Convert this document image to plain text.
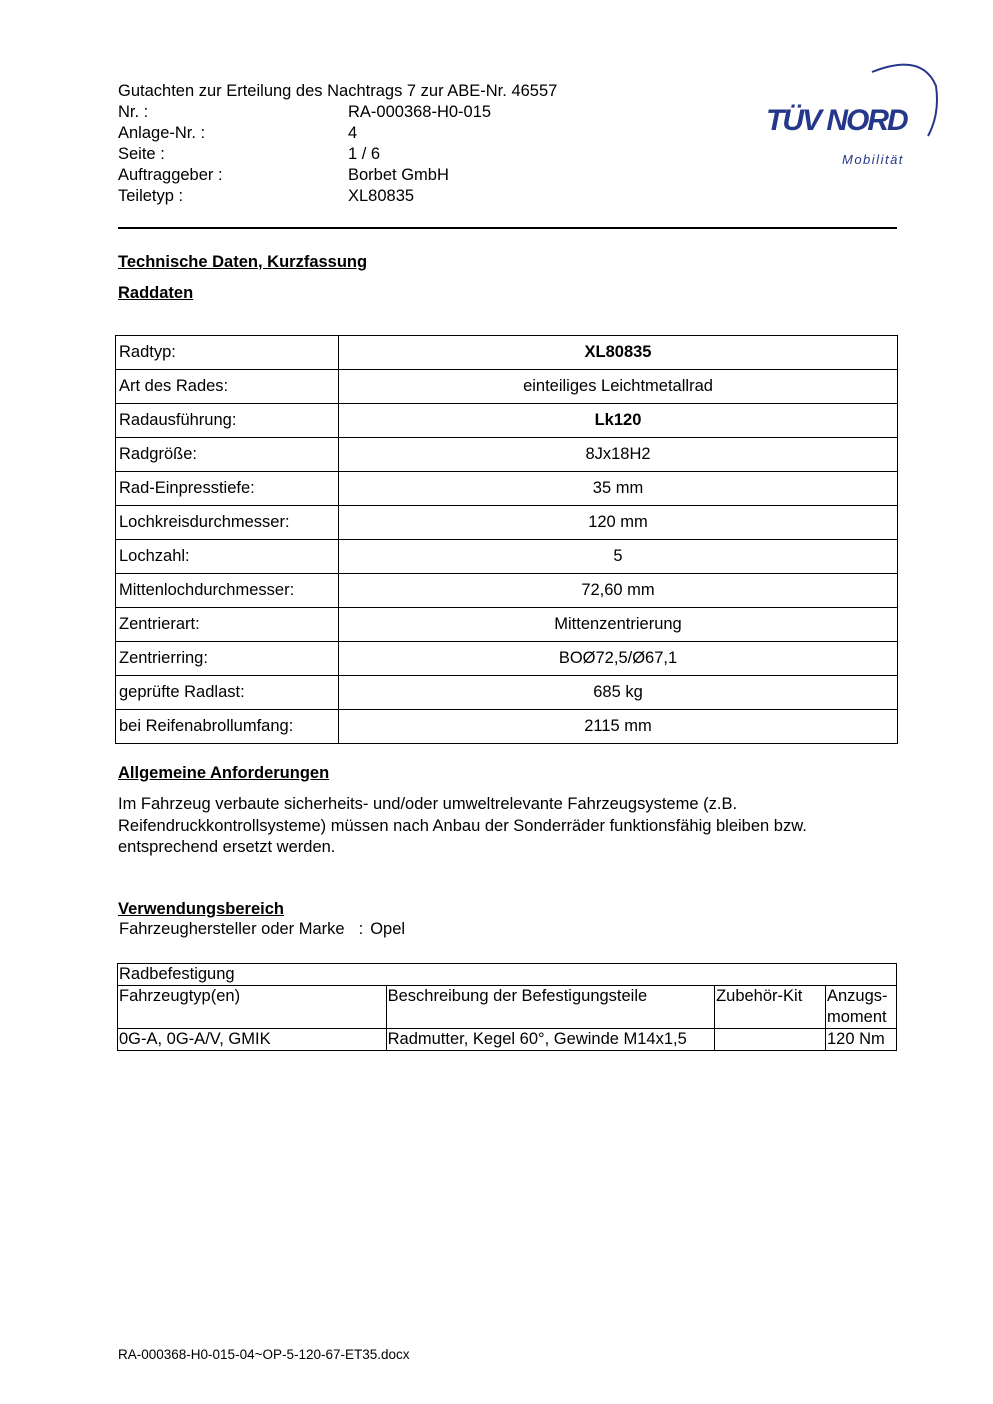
Gutachten zur Erteilung des Nachtrags 7 zur ABE-Nr. 46557
Nr. :	RA-000368-H0-015
Anlage-Nr. :	4
Seite :	1 / 6
Auftraggeber :	Borbet GmbH
Teiletyp :	XL80835
TÜV NORD
Mobilität
Technische Daten, Kurzfassung
Raddaten
Radtyp:	XL80835
Art des Rades:	einteiliges Leichtmetallrad
Radausführung:	Lk120
Radgröße:	8Jx18H2
Rad-Einpresstiefe:	35 mm
Lochkreisdurchmesser:	120 mm
Lochzahl:	5
Mittenlochdurchmesser:	72,60 mm
Zentrierart:	Mittenzentrierung
Zentrierring:	BOØ72,5/Ø67,1
geprüfte Radlast:	685 kg
bei Reifenabrollumfang:	2115 mm
Allgemeine Anforderungen
Im Fahrzeug verbaute sicherheits- und/oder umweltrelevante Fahrzeugsysteme (z.B. Reifendruckkontrollsysteme) müssen nach Anbau der Sonderräder funktionsfähig bleiben bzw. entsprechend ersetzt werden.
Verwendungsbereich
Fahrzeughersteller oder Marke : Opel
Radbefestigung			
Fahrzeugtyp(en)	Beschreibung der Befestigungsteile	Zubehör-Kit	Anzugs-moment

0G-A, 0G-A/V, GMIK	Radmutter, Kegel 60°, Gewinde M14x1,5		120 Nm
RA-000368-H0-015-04~OP-5-120-67-ET35.docx
